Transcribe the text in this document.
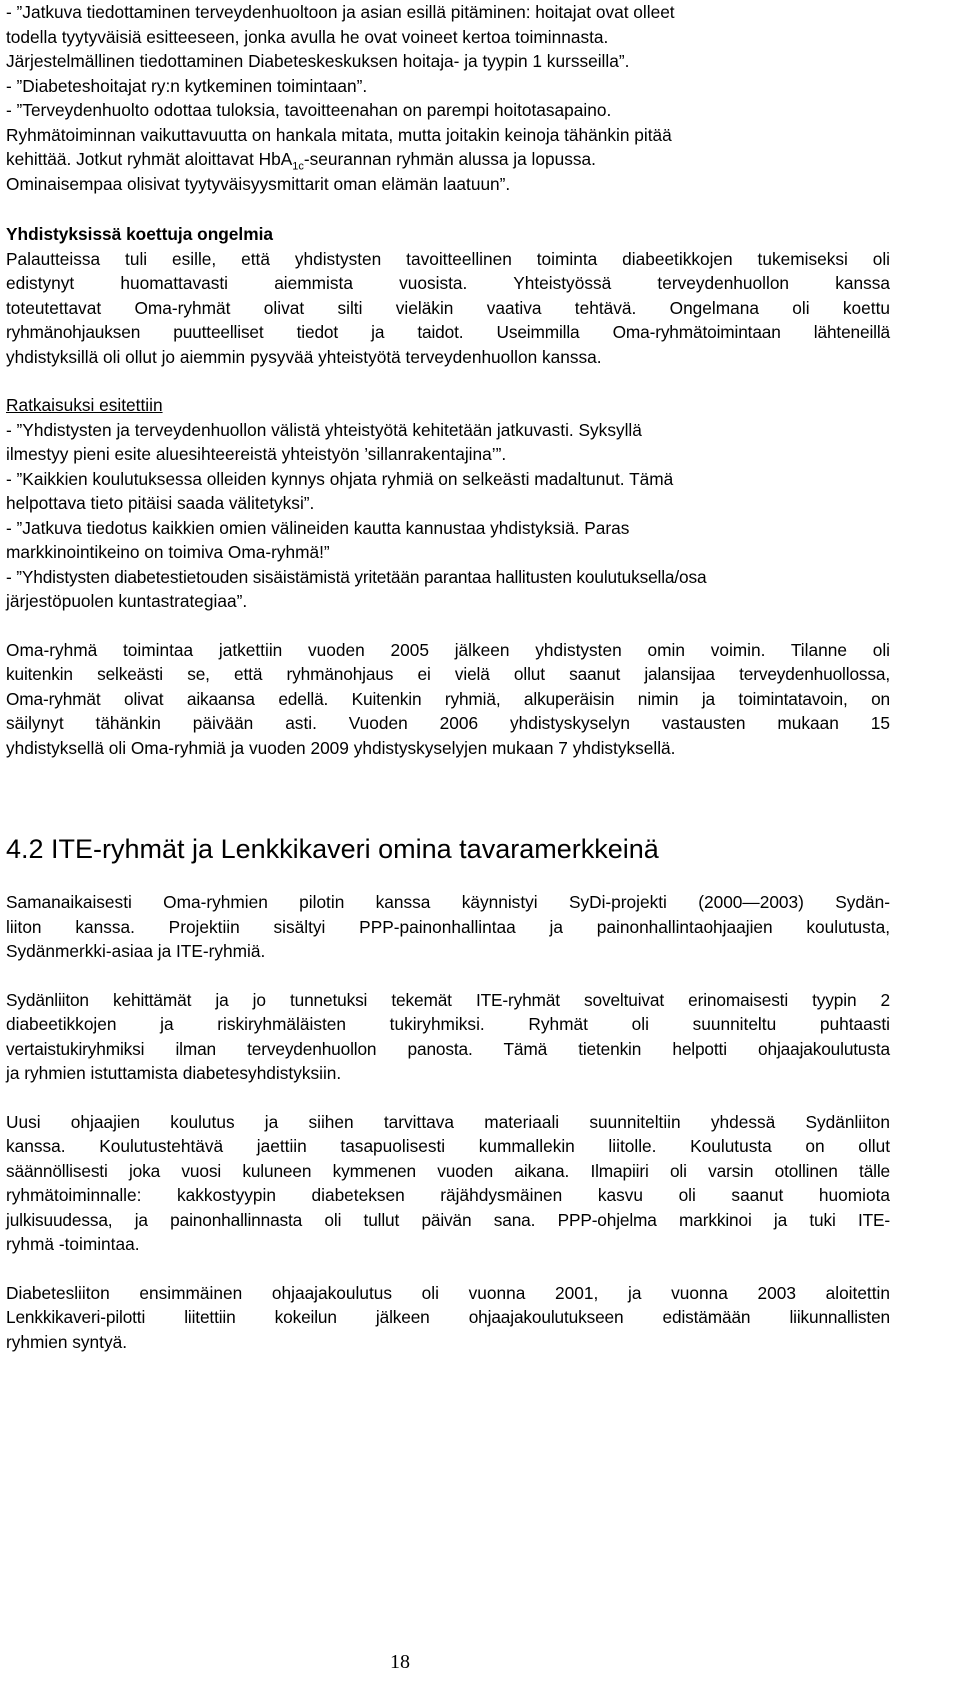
- ”Jatkuva tiedottaminen terveydenhuoltoon ja asian esillä pitäminen: hoitajat ovat olleet
todella tyytyväisiä esitteeseen, jonka avulla he ovat voineet kertoa toiminnasta.
Järjestelmällinen tiedottaminen Diabeteskeskuksen hoitaja- ja tyypin 1 kursseilla”.
- ”Diabeteshoitajat ry:n kytkeminen toimintaan”.
- ”Terveydenhuolto odottaa tuloksia, tavoitteenahan on parempi hoitotasapaino.
Ryhmätoiminnan vaikuttavuutta on hankala mitata, mutta joitakin keinoja tähänkin pitää
kehittää. Jotkut ryhmät aloittavat HbA$_{1c}$-seurannan ryhmän alussa ja lopussa.
Ominaisempaa olisivat tyytyväisyysmittarit oman elämän laatuun”.
Yhdistyksissä koettuja ongelmia
Palautteissa tuli esille, että yhdistysten tavoitteellinen toiminta diabeetikkojen tukemiseksi oli
edistynyt huomattavasti aiemmista vuosista. Yhteistyössä terveydenhuollon kanssa
toteutettavat Oma-ryhmät olivat silti vieläkin vaativa tehtävä. Ongelmana oli koettu
ryhmänohjauksen puutteelliset tiedot ja taidot. Useimmilla Oma-ryhmätoimintaan lähteneillä
yhdistyksillä oli ollut jo aiemmin pysyvää yhteistyötä terveydenhuollon kanssa.
Ratkaisuksi esitettiin
- ”Yhdistysten ja terveydenhuollon välistä yhteistyötä kehitetään jatkuvasti. Syksyllä
ilmestyy pieni esite aluesihteereistä yhteistyön ’sillanrakentajina’”.
- ”Kaikkien koulutuksessa olleiden kynnys ohjata ryhmiä on selkeästi madaltunut. Tämä
helpottava tieto pitäisi saada välitetyksi”.
- ”Jatkuva tiedotus kaikkien omien välineiden kautta kannustaa yhdistyksiä. Paras
markkinointikeino on toimiva Oma-ryhmä!”
- ”Yhdistysten diabetestietouden sisäistämistä yritetään parantaa hallitusten koulutuksella/osa
järjestöpuolen kuntastrategiaa”.
Oma-ryhmä toimintaa jatkettiin vuoden 2005 jälkeen yhdistysten omin voimin. Tilanne oli
kuitenkin selkeästi se, että ryhmänohjaus ei vielä ollut saanut jalansijaa terveydenhuollossa,
Oma-ryhmät olivat aikaansa edellä. Kuitenkin ryhmiä, alkuperäisin nimin ja toimintatavoin, on
säilynyt tähänkin päivään asti. Vuoden 2006 yhdistyskyselyn vastausten mukaan 15
yhdistyksellä oli Oma-ryhmiä ja vuoden 2009 yhdistyskyselyjen mukaan 7 yhdistyksellä.
4.2 ITE-ryhmät ja Lenkkikaveri omina tavaramerkkeinä
Samanaikaisesti Oma-ryhmien pilotin kanssa käynnistyi SyDi-projekti (2000—2003) Sydän-
liiton kanssa. Projektiin sisältyi PPP-painonhallintaa ja painonhallintaohjaajien koulutusta,
Sydänmerkki-asiaa ja ITE-ryhmiä.
Sydänliiton kehittämät ja jo tunnetuksi tekemät ITE-ryhmät soveltuivat erinomaisesti tyypin 2
diabeetikkojen ja riskiryhmäläisten tukiryhmiksi. Ryhmät oli suunniteltu puhtaasti
vertaistukiryhmiksi ilman terveydenhuollon panosta. Tämä tietenkin helpotti ohjaajakoulutusta
ja ryhmien istuttamista diabetesyhdistyksiin.
Uusi ohjaajien koulutus ja siihen tarvittava materiaali suunniteltiin yhdessä Sydänliiton
kanssa. Koulutustehtävä jaettiin tasapuolisesti kummallekin liitolle. Koulutusta on ollut
säännöllisesti joka vuosi kuluneen kymmenen vuoden aikana. Ilmapiiri oli varsin otollinen tälle
ryhmätoiminnalle: kakkostyypin diabeteksen räjähdysmäinen kasvu oli saanut huomiota
julkisuudessa, ja painonhallinnasta oli tullut päivän sana. PPP-ohjelma markkinoi ja tuki ITE-
ryhmä -toimintaa.
Diabetesliiton ensimmäinen ohjaajakoulutus oli vuonna 2001, ja vuonna 2003 aloitettin
Lenkkikaveri-pilotti liitettiin kokeilun jälkeen ohjaajakoulutukseen edistämään liikunnallisten
ryhmien syntyä.
18
